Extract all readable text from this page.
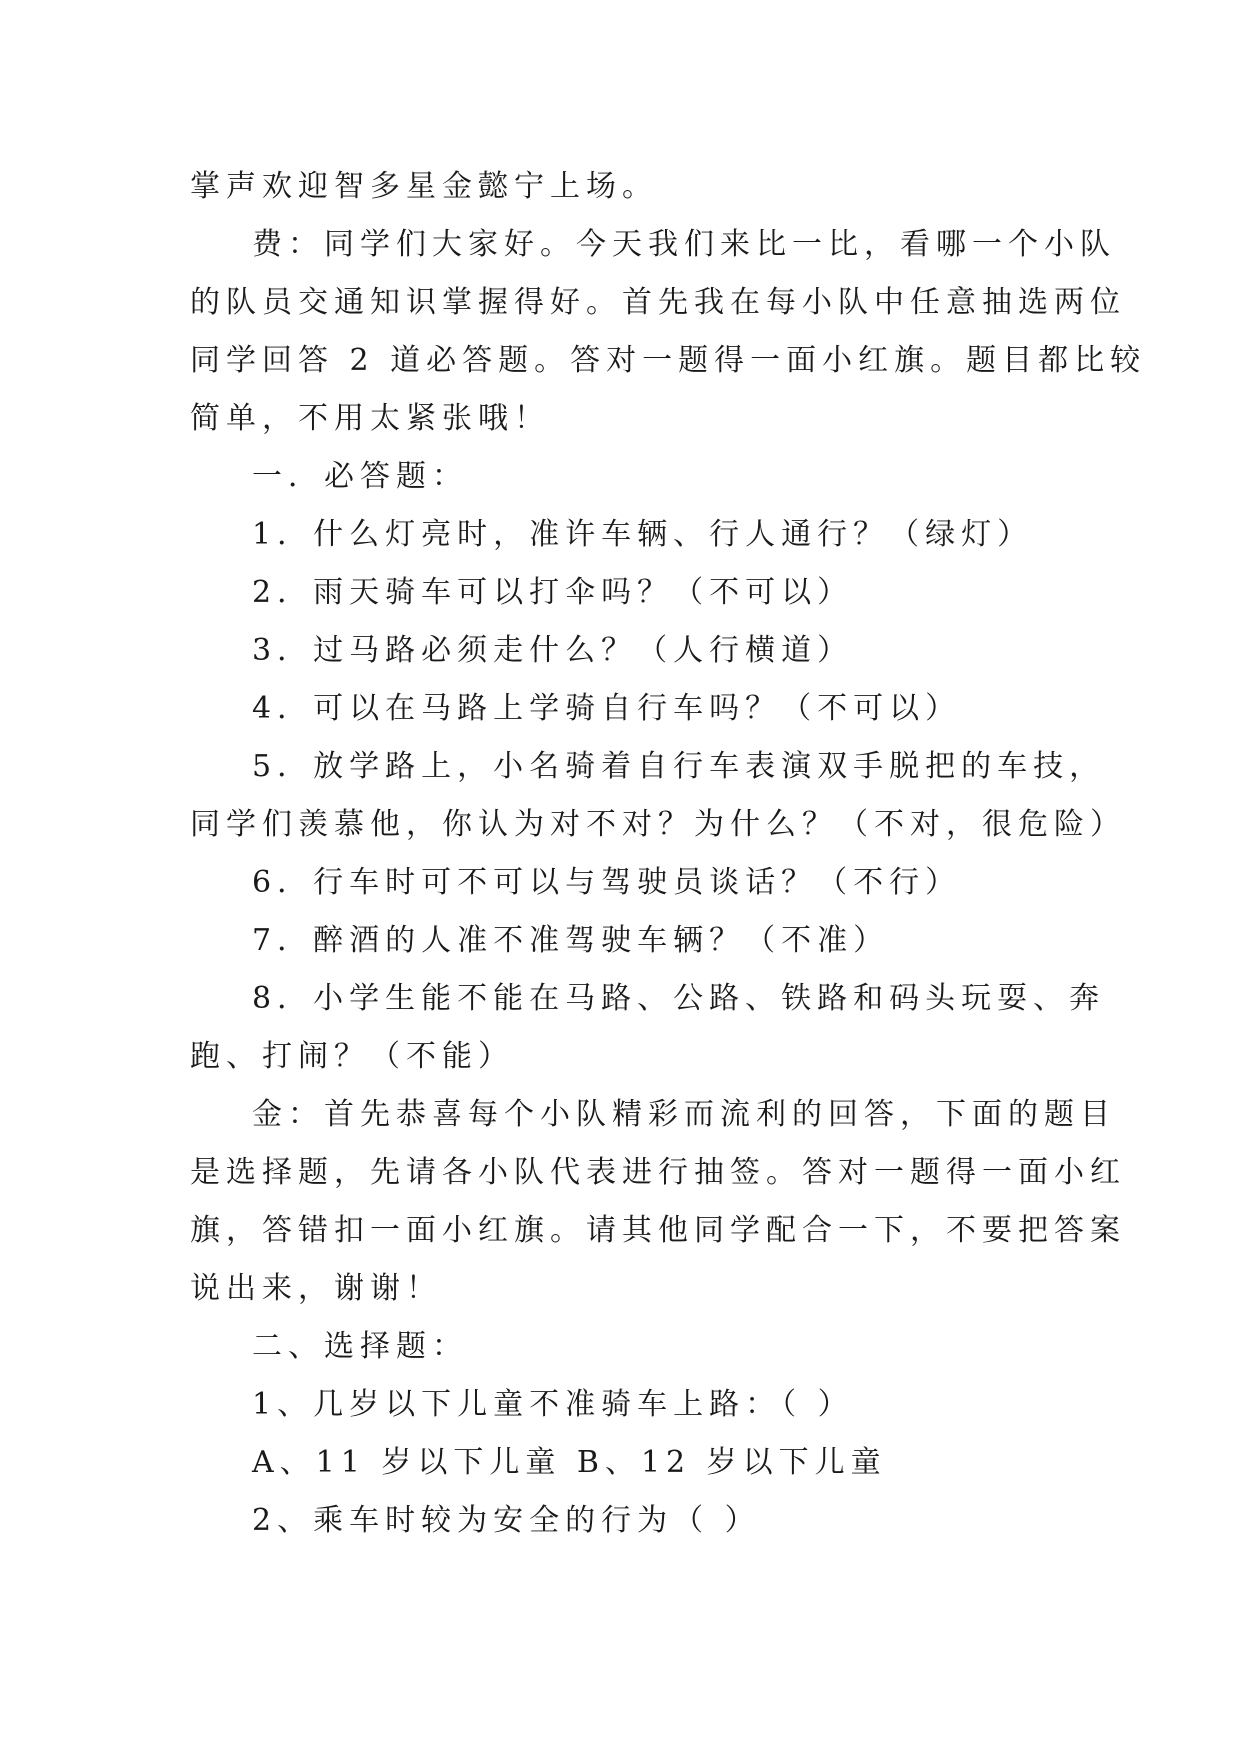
掌声欢迎智多星金懿宁上场。
费：同学们大家好。今天我们来比一比，看哪一个小队
的队员交通知识掌握得好。首先我在每小队中任意抽选两位
同学回答 2 道必答题。答对一题得一面小红旗。题目都比较
简单，不用太紧张哦！
一．必答题：
1．什么灯亮时，准许车辆、行人通行？（绿灯）
2．雨天骑车可以打伞吗？（不可以）
3．过马路必须走什么？（人行横道）
4．可以在马路上学骑自行车吗？（不可以）
5．放学路上，小名骑着自行车表演双手脱把的车技，
同学们羡慕他，你认为对不对？为什么？（不对，很危险）
6．行车时可不可以与驾驶员谈话？（不行）
7．醉酒的人准不准驾驶车辆？（不准）
8．小学生能不能在马路、公路、铁路和码头玩耍、奔
跑、打闹？（不能）
金：首先恭喜每个小队精彩而流利的回答，下面的题目
是选择题，先请各小队代表进行抽签。答对一题得一面小红
旗，答错扣一面小红旗。请其他同学配合一下，不要把答案
说出来，谢谢！
二、选择题：
1、几岁以下儿童不准骑车上路：（ ）
A、11 岁以下儿童 B、12 岁以下儿童
2、乘车时较为安全的行为（ ）
